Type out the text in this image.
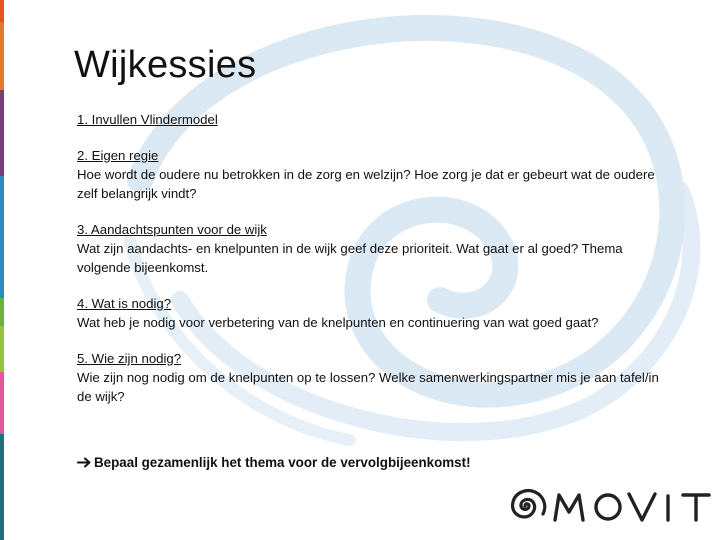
Wijkessies
1. Invullen Vlindermodel
2. Eigen regie
Hoe wordt de oudere nu betrokken in de zorg en welzijn? Hoe zorg je dat er gebeurt wat de oudere zelf belangrijk vindt?
3. Aandachtspunten voor de wijk
Wat zijn aandachts- en knelpunten in de wijk geef deze prioriteit. Wat gaat er al goed? Thema volgende bijeenkomst.
4. Wat is nodig?
Wat heb je nodig voor verbetering van de knelpunten en continuering van wat goed gaat?
5. Wie zijn nodig?
Wie zijn nog nodig om de knelpunten op te lossen? Welke samenwerkingspartner mis je aan tafel/in de wijk?
Bepaal gezamenlijk het thema voor de vervolgbijeenkomst!
